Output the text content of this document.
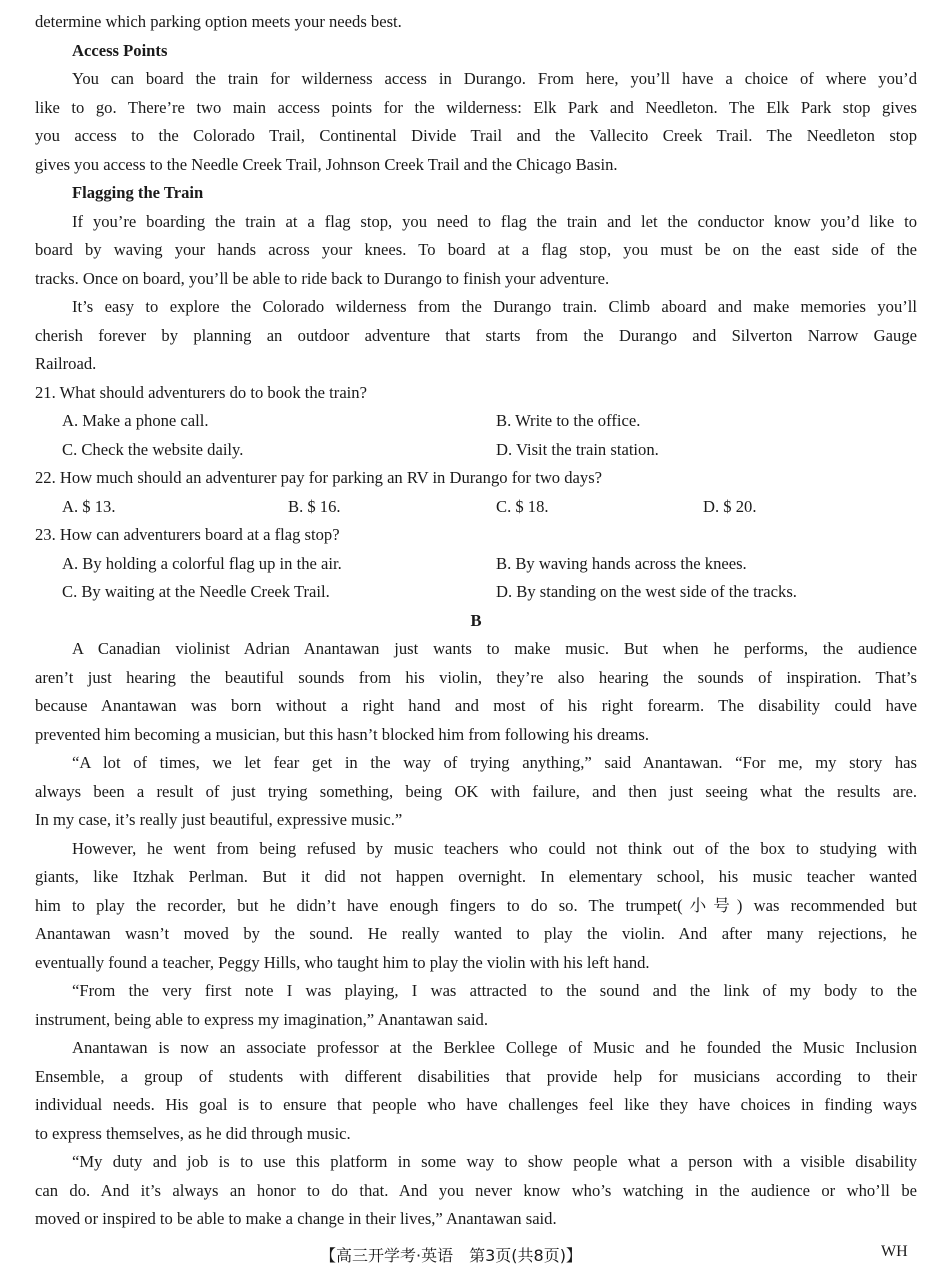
determine which parking option meets your needs best.
Access Points
You can board the train for wilderness access in Durango. From here, you’ll have a choice of where you’d
like to go. There’re two main access points for the wilderness: Elk Park and Needleton. The Elk Park stop gives
you access to the Colorado Trail, Continental Divide Trail and the Vallecito Creek Trail. The Needleton stop
gives you access to the Needle Creek Trail, Johnson Creek Trail and the Chicago Basin.
Flagging the Train
If you’re boarding the train at a flag stop, you need to flag the train and let the conductor know you’d like to
board by waving your hands across your knees. To board at a flag stop, you must be on the east side of the
tracks. Once on board, you’ll be able to ride back to Durango to finish your adventure.
It’s easy to explore the Colorado wilderness from the Durango train. Climb aboard and make memories you’ll
cherish forever by planning an outdoor adventure that starts from the Durango and Silverton Narrow Gauge
Railroad.
21. What should adventurers do to book the train?
A. Make a phone call.	B. Write to the office.
C. Check the website daily.	D. Visit the train station.
22. How much should an adventurer pay for parking an RV in Durango for two days?
A. $ 13.	B. $ 16.	C. $ 18.	D. $ 20.
23. How can adventurers board at a flag stop?
A. By holding a colorful flag up in the air.	B. By waving hands across the knees.
C. By waiting at the Needle Creek Trail.	D. By standing on the west side of the tracks.
B
A Canadian violinist Adrian Anantawan just wants to make music. But when he performs, the audience
aren’t just hearing the beautiful sounds from his violin, they’re also hearing the sounds of inspiration. That’s
because Anantawan was born without a right hand and most of his right forearm. The disability could have
prevented him becoming a musician, but this hasn’t blocked him from following his dreams.
“A lot of times, we let fear get in the way of trying anything,” said Anantawan. “For me, my story has
always been a result of just trying something, being OK with failure, and then just seeing what the results are.
In my case, it’s really just beautiful, expressive music.”
However, he went from being refused by music teachers who could not think out of the box to studying with
giants, like Itzhak Perlman. But it did not happen overnight. In elementary school, his music teacher wanted
him to play the recorder, but he didn’t have enough fingers to do so. The trumpet(小号) was recommended but
Anantawan wasn’t moved by the sound. He really wanted to play the violin. And after many rejections, he
eventually found a teacher, Peggy Hills, who taught him to play the violin with his left hand.
“From the very first note I was playing, I was attracted to the sound and the link of my body to the
instrument, being able to express my imagination,” Anantawan said.
Anantawan is now an associate professor at the Berklee College of Music and he founded the Music Inclusion
Ensemble, a group of students with different disabilities that provide help for musicians according to their
individual needs. His goal is to ensure that people who have challenges feel like they have choices in finding ways
to express themselves, as he did through music.
“My duty and job is to use this platform in some way to show people what a person with a visible disability
can do. And it’s always an honor to do that. And you never know who’s watching in the audience or who’ll be
moved or inspired to be able to make a change in their lives,” Anantawan said.
【高三开学考·英语　第3页(共8页)】	WH
